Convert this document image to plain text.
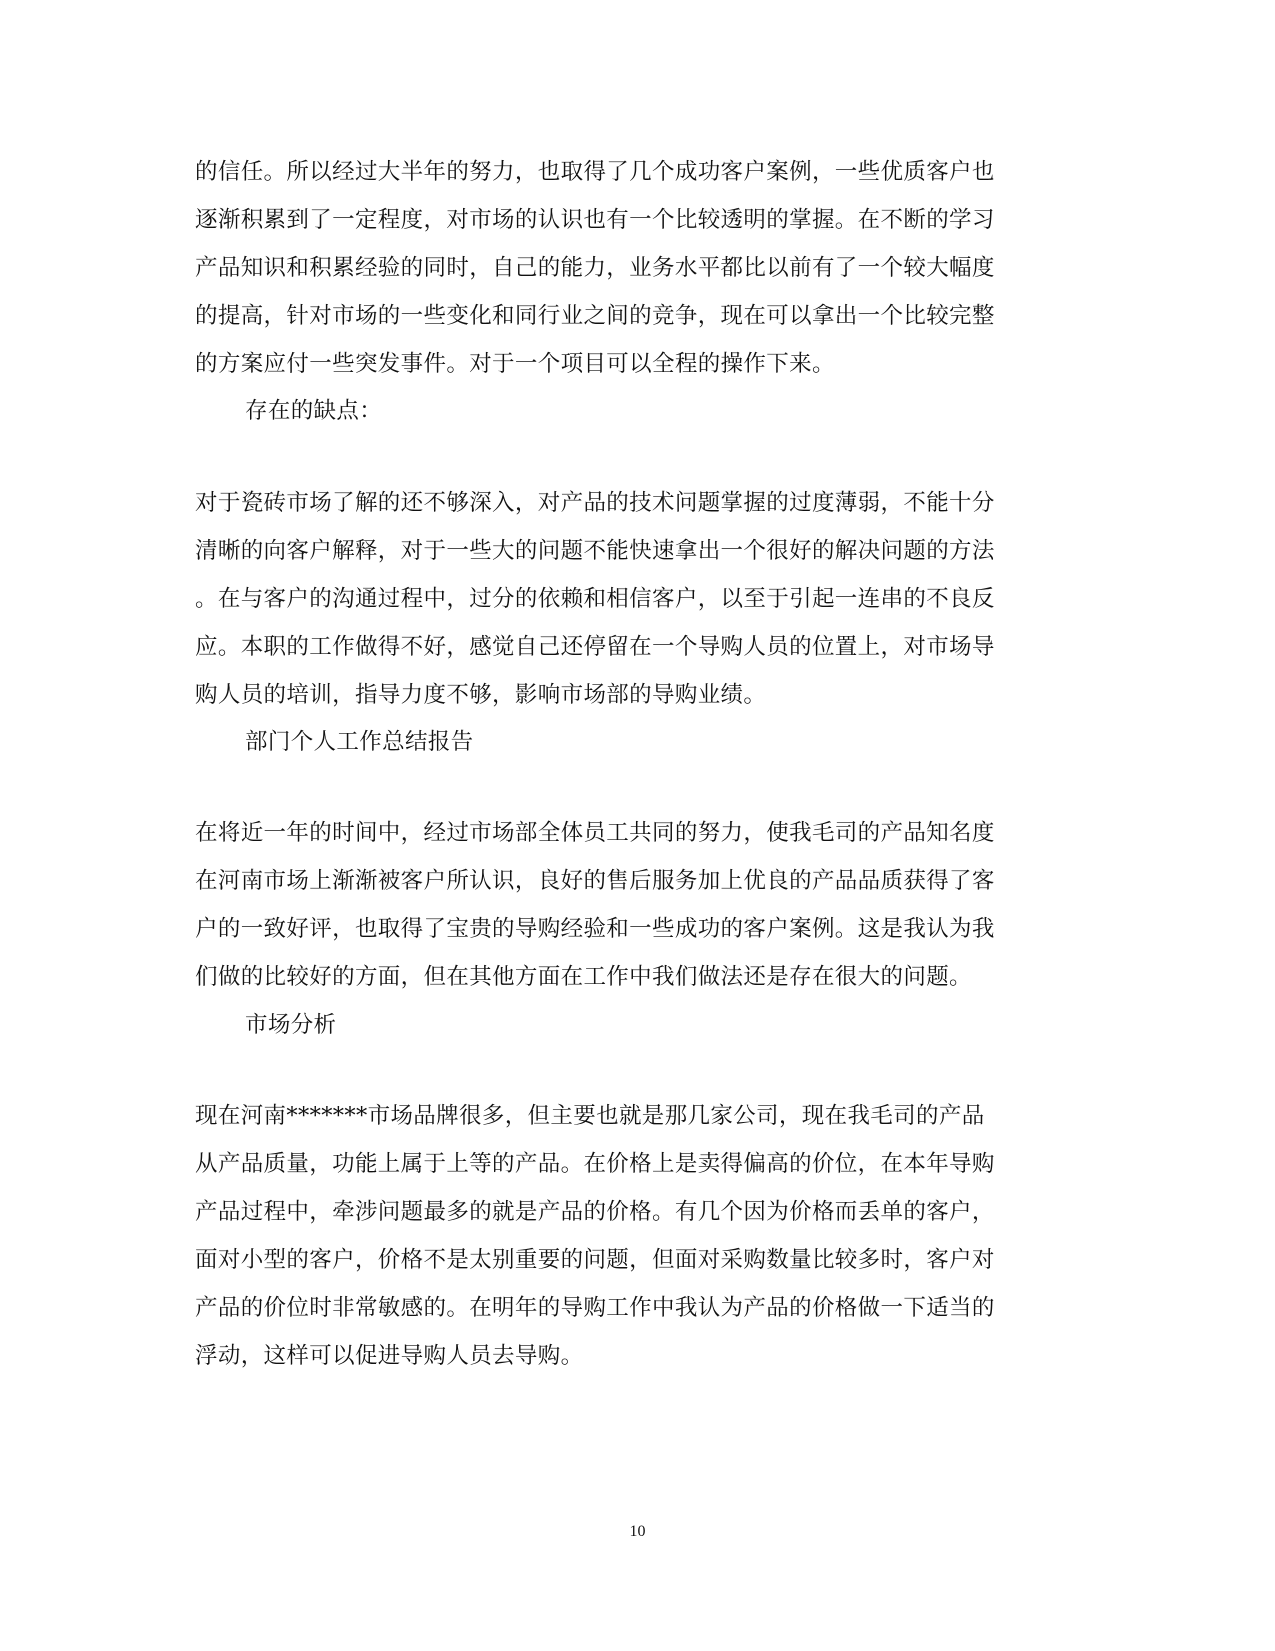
的信任。所以经过大半年的努力，也取得了几个成功客户案例，一些优质客户也
逐渐积累到了一定程度，对市场的认识也有一个比较透明的掌握。在不断的学习
产品知识和积累经验的同时，自己的能力，业务水平都比以前有了一个较大幅度
的提高，针对市场的一些变化和同行业之间的竞争，现在可以拿出一个比较完整
的方案应付一些突发事件。对于一个项目可以全程的操作下来。
存在的缺点：
对于瓷砖市场了解的还不够深入，对产品的技术问题掌握的过度薄弱，不能十分
清晰的向客户解释，对于一些大的问题不能快速拿出一个很好的解决问题的方法
。在与客户的沟通过程中，过分的依赖和相信客户，以至于引起一连串的不良反
应。本职的工作做得不好，感觉自己还停留在一个导购人员的位置上，对市场导
购人员的培训，指导力度不够，影响市场部的导购业绩。
部门个人工作总结报告
在将近一年的时间中，经过市场部全体员工共同的努力，使我毛司的产品知名度
在河南市场上渐渐被客户所认识，良好的售后服务加上优良的产品品质获得了客
户的一致好评，也取得了宝贵的导购经验和一些成功的客户案例。这是我认为我
们做的比较好的方面，但在其他方面在工作中我们做法还是存在很大的问题。
市场分析
现在河南*******市场品牌很多，但主要也就是那几家公司，现在我毛司的产品
从产品质量，功能上属于上等的产品。在价格上是卖得偏高的价位，在本年导购
产品过程中，牵涉问题最多的就是产品的价格。有几个因为价格而丢单的客户，
面对小型的客户，价格不是太别重要的问题，但面对采购数量比较多时，客户对
产品的价位时非常敏感的。在明年的导购工作中我认为产品的价格做一下适当的
浮动，这样可以促进导购人员去导购。
10
